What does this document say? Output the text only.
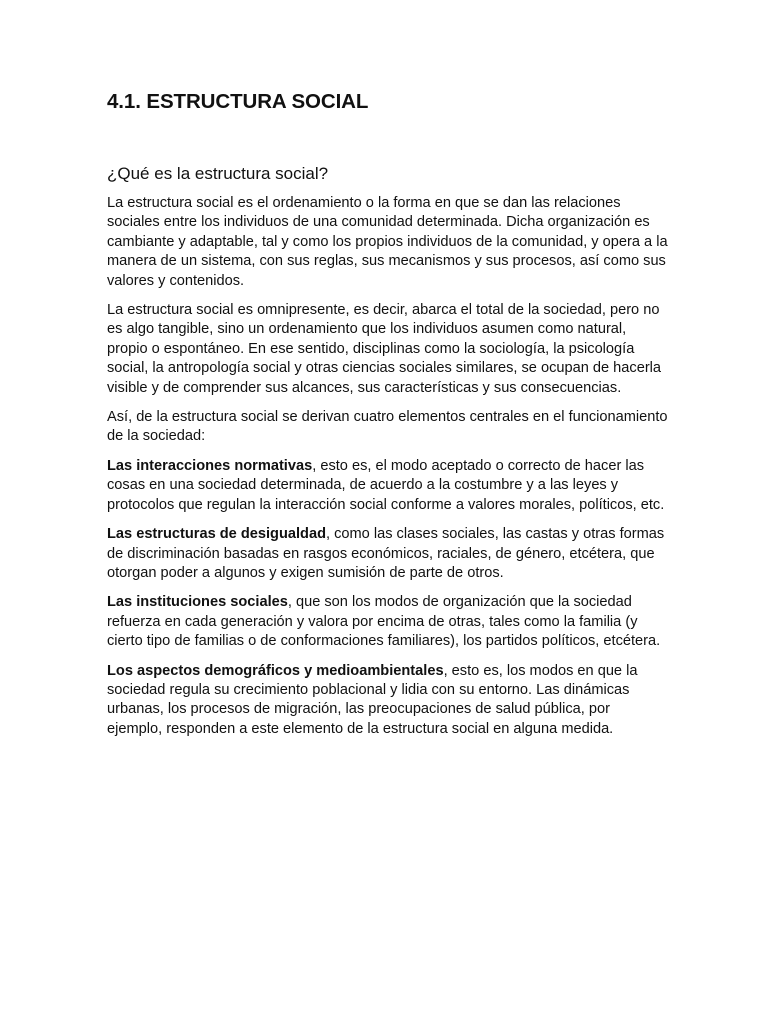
4.1. ESTRUCTURA SOCIAL
¿Qué es la estructura social?

La estructura social es el ordenamiento o la forma en que se dan las relaciones sociales entre los individuos de una comunidad determinada. Dicha organización es cambiante y adaptable, tal y como los propios individuos de la comunidad, y opera a la manera de un sistema, con sus reglas, sus mecanismos y sus procesos, así como sus valores y contenidos.

La estructura social es omnipresente, es decir, abarca el total de la sociedad, pero no es algo tangible, sino un ordenamiento que los individuos asumen como natural, propio o espontáneo. En ese sentido, disciplinas como la sociología, la psicología social, la antropología social y otras ciencias sociales similares, se ocupan de hacerla visible y de comprender sus alcances, sus características y sus consecuencias.

Así, de la estructura social se derivan cuatro elementos centrales en el funcionamiento de la sociedad:

Las interacciones normativas, esto es, el modo aceptado o correcto de hacer las cosas en una sociedad determinada, de acuerdo a la costumbre y a las leyes y protocolos que regulan la interacción social conforme a valores morales, políticos, etc.

Las estructuras de desigualdad, como las clases sociales, las castas y otras formas de discriminación basadas en rasgos económicos, raciales, de género, etcétera, que otorgan poder a algunos y exigen sumisión de parte de otros.

Las instituciones sociales, que son los modos de organización que la sociedad refuerza en cada generación y valora por encima de otras, tales como la familia (y cierto tipo de familias o de conformaciones familiares), los partidos políticos, etcétera.

Los aspectos demográficos y medioambientales, esto es, los modos en que la sociedad regula su crecimiento poblacional y lidia con su entorno. Las dinámicas urbanas, los procesos de migración, las preocupaciones de salud pública, por ejemplo, responden a este elemento de la estructura social en alguna medida.
